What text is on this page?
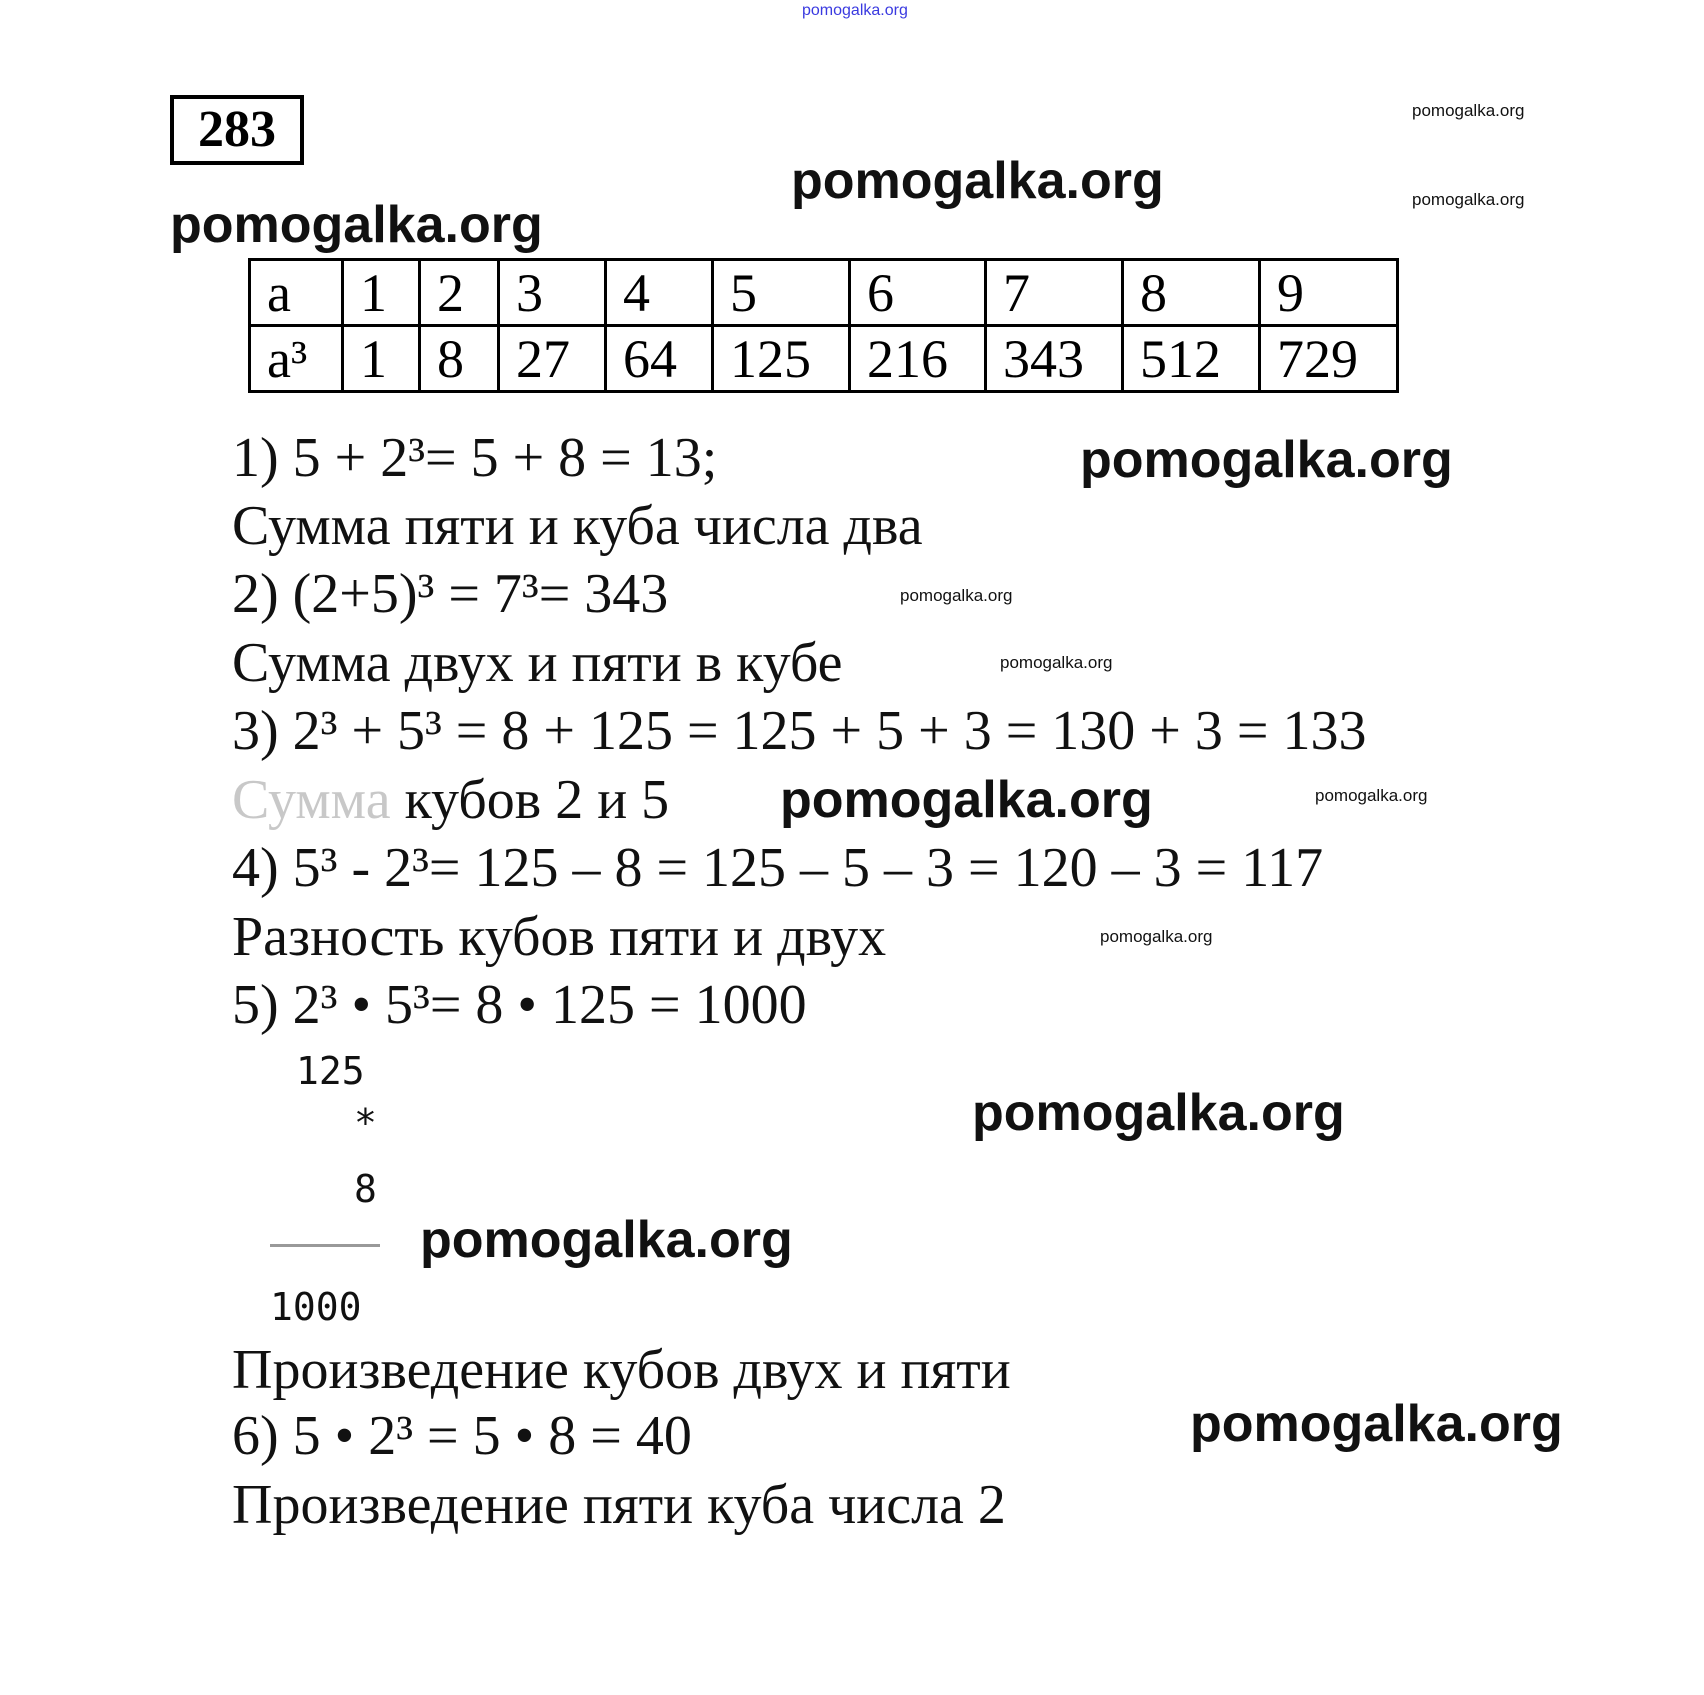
pomogalka.org
283	pomogalka.org
pomogalka.org
pomogalka.org
pomogalka.org
a	1	2	3	4	5	6	7	8	9
a³	1	8	27	64	125	216	343	512	729
1) 5 + 2³= 5 + 8 = 13;	pomogalka.org
Сумма пяти и куба числа два
2) (2+5)³ = 7³= 343	pomogalka.org
Сумма двух и пяти в кубе	pomogalka.org
3) 2³ + 5³ = 8 + 125 = 125 + 5 + 3 = 130 + 3 = 133
Сумма кубов 2 и 5 pomogalka.org	pomogalka.org
4) 5³ - 2³= 125 – 8 = 125 – 5 – 3 = 120 – 3 = 117
Разность кубов пяти и двух	pomogalka.org
5) 2³ • 5³= 8 • 125 = 1000
125
*
8
pomogalka.org
1000
pomogalka.org
Произведение кубов двух и пяти
6) 5 • 2³ = 5 • 8 = 40	pomogalka.org
Произведение пяти куба числа 2
